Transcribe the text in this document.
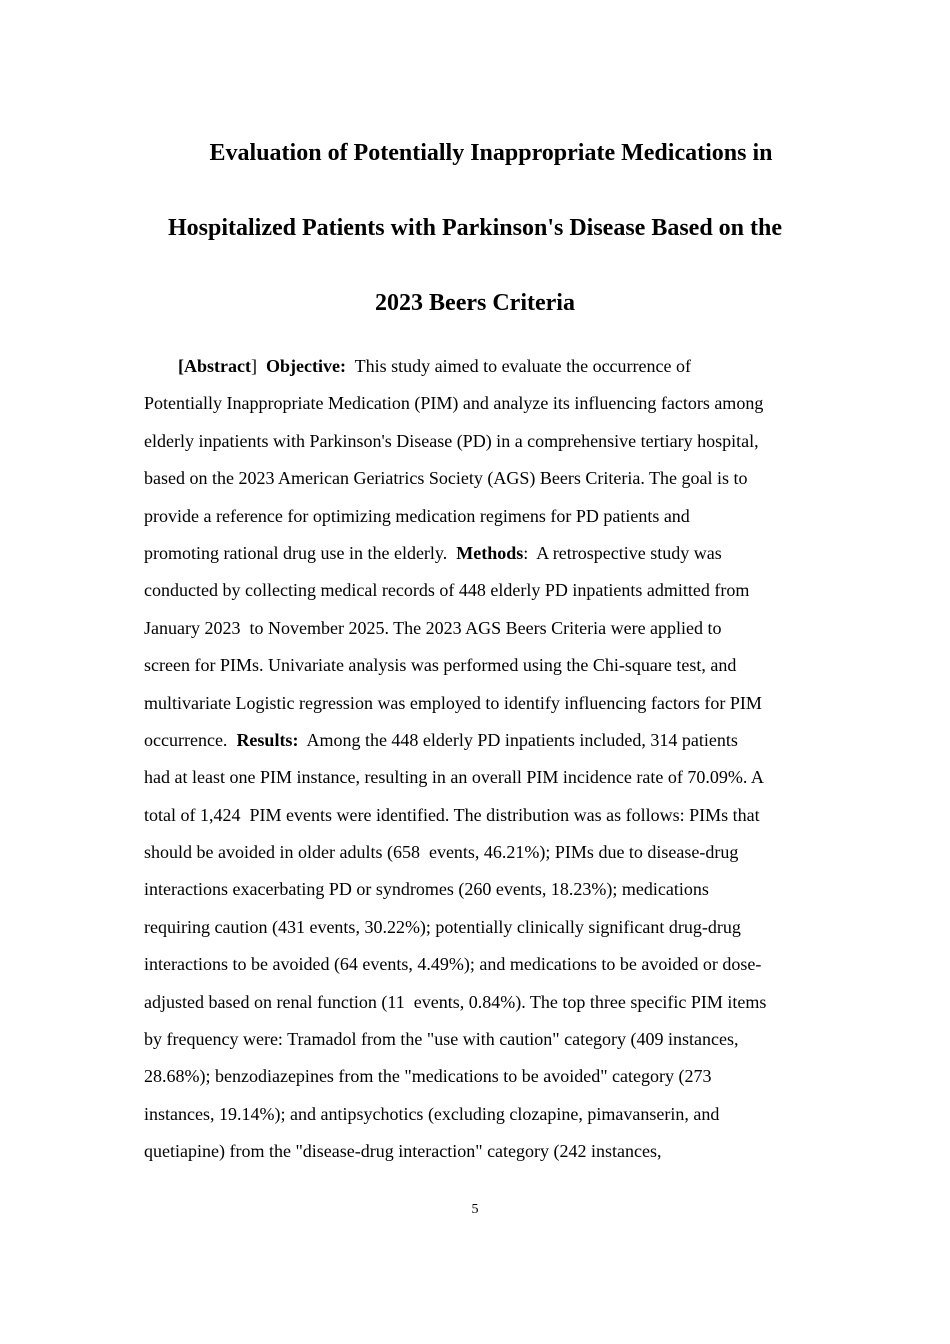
Evaluation of Potentially Inappropriate Medications in
Hospitalized Patients with Parkinson's Disease Based on the
2023 Beers Criteria
[Abstract] Objective:  This study aimed to evaluate the occurrence of
Potentially Inappropriate Medication (PIM) and analyze its influencing factors among
elderly inpatients with Parkinson's Disease (PD) in a comprehensive tertiary hospital,
based on the 2023 American Geriatrics Society (AGS) Beers Criteria. The goal is to
provide a reference for optimizing medication regimens for PD patients and
promoting rational drug use in the elderly.  Methods:  A retrospective study was
conducted by collecting medical records of 448 elderly PD inpatients admitted from
January 2023  to November 2025. The 2023 AGS Beers Criteria were applied to
screen for PIMs. Univariate analysis was performed using the Chi-square test, and
multivariate Logistic regression was employed to identify influencing factors for PIM
occurrence.  Results:  Among the 448 elderly PD inpatients included, 314 patients
had at least one PIM instance, resulting in an overall PIM incidence rate of 70.09%. A
total of 1,424  PIM events were identified. The distribution was as follows: PIMs that
should be avoided in older adults (658  events, 46.21%); PIMs due to disease-drug
interactions exacerbating PD or syndromes (260 events, 18.23%); medications
requiring caution (431 events, 30.22%); potentially clinically significant drug-drug
interactions to be avoided (64 events, 4.49%); and medications to be avoided or dose-
adjusted based on renal function (11  events, 0.84%). The top three specific PIM items
by frequency were: Tramadol from the "use with caution" category (409 instances,
28.68%); benzodiazepines from the "medications to be avoided" category (273
instances, 19.14%); and antipsychotics (excluding clozapine, pimavanserin, and
quetiapine) from the "disease-drug interaction" category (242 instances,
5
